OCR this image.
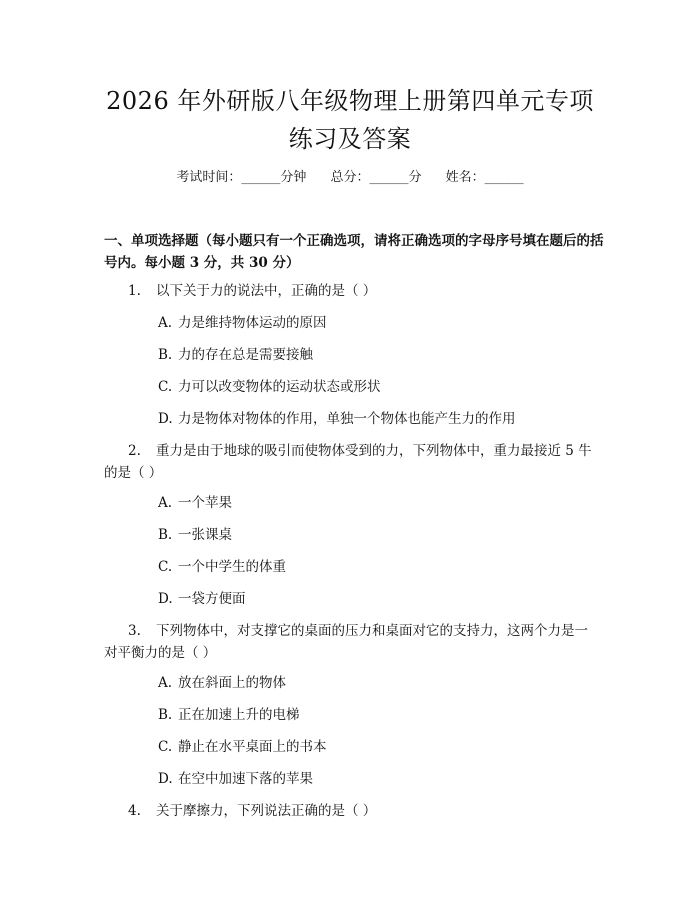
2026 年外研版八年级物理上册第四单元专项
练习及答案
考试时间：______分钟 总分：______分 姓名：______
一、单项选择题（每小题只有一个正确选项，请将正确选项的字母序号填在题后的括号内。每小题 3 分，共 30 分）
1. 以下关于力的说法中，正确的是（ ）
A. 力是维持物体运动的原因
B. 力的存在总是需要接触
C. 力可以改变物体的运动状态或形状
D. 力是物体对物体的作用，单独一个物体也能产生力的作用
2. 重力是由于地球的吸引而使物体受到的力，下列物体中，重力最接近 5 牛的是（ ）
A. 一个苹果
B. 一张课桌
C. 一个中学生的体重
D. 一袋方便面
3. 下列物体中，对支撑它的桌面的压力和桌面对它的支持力，这两个力是一对平衡力的是（ ）
A. 放在斜面上的物体
B. 正在加速上升的电梯
C. 静止在水平桌面上的书本
D. 在空中加速下落的苹果
4. 关于摩擦力，下列说法正确的是（ ）
